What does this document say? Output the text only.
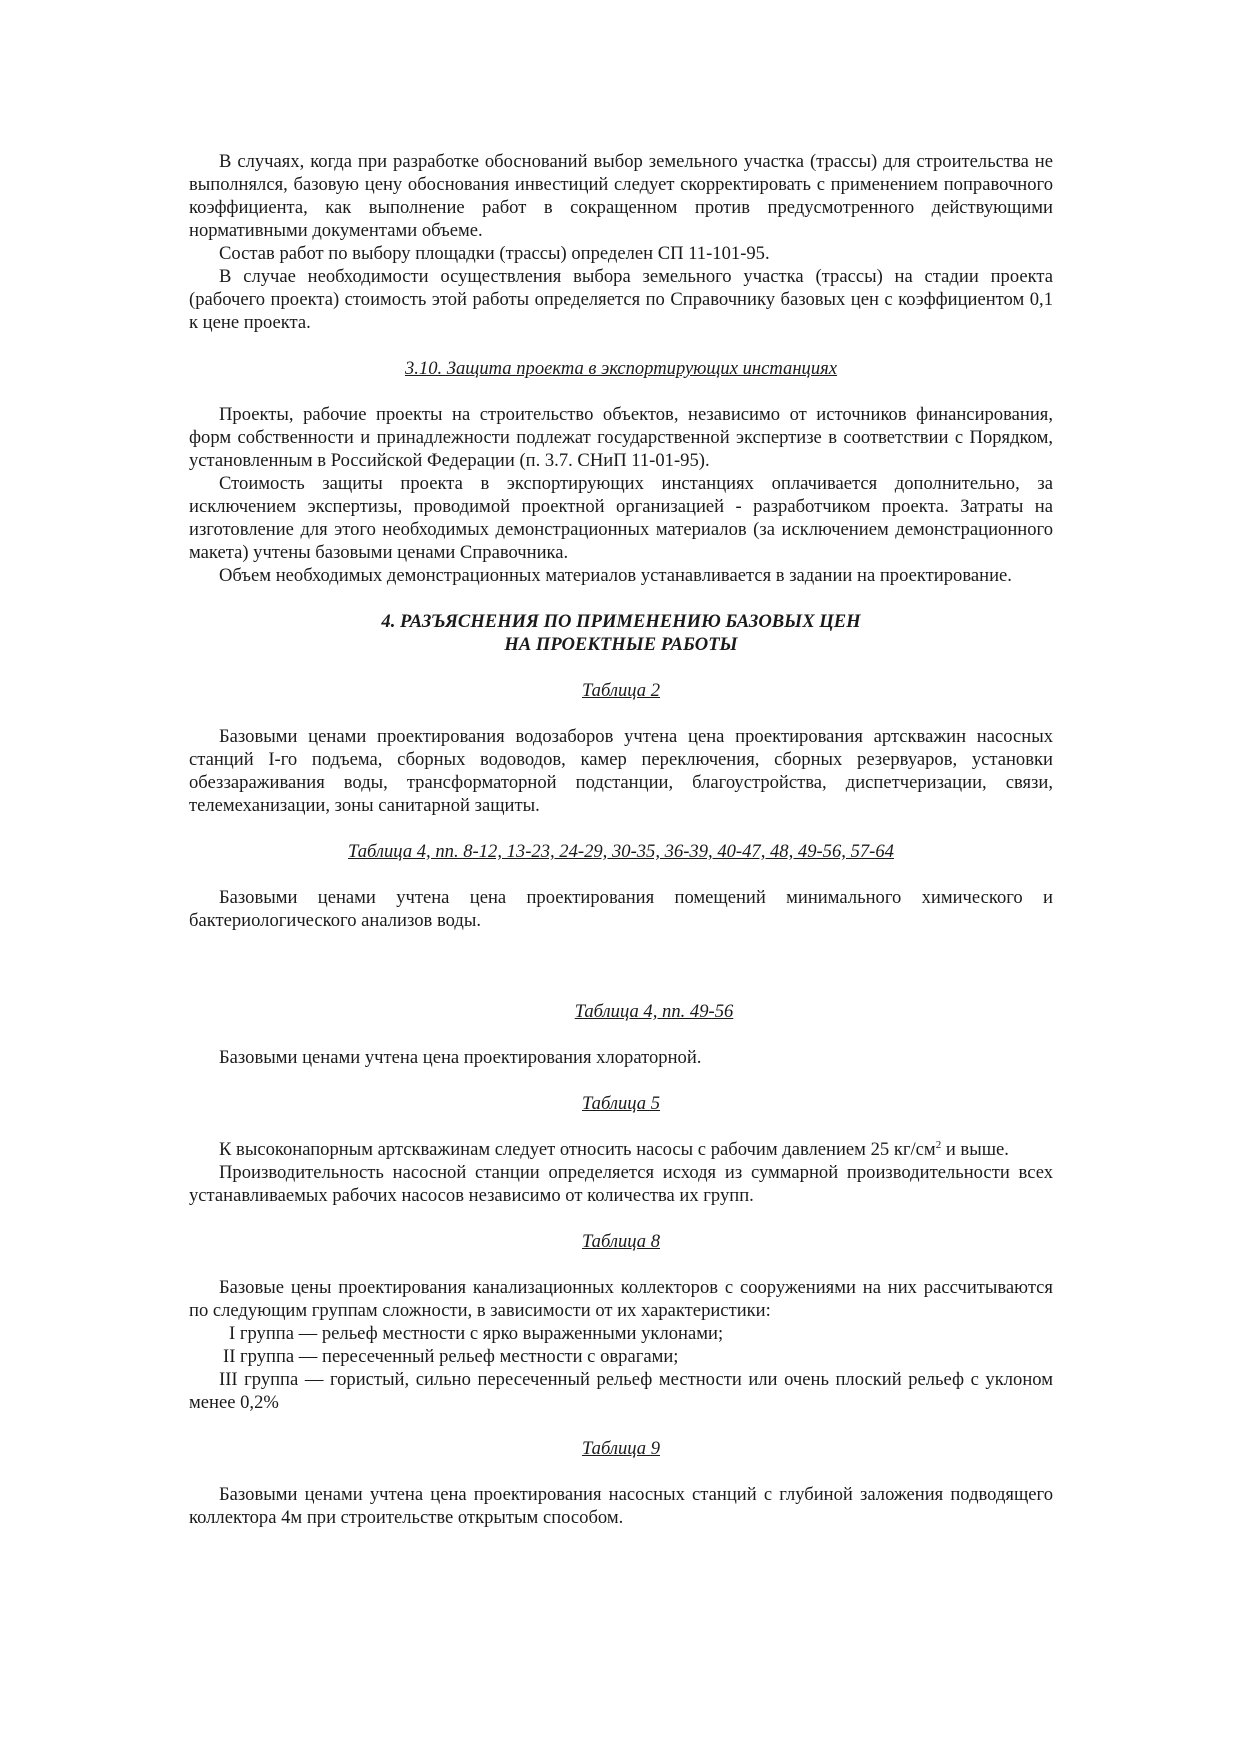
В случаях, когда при разработке обоснований выбор земельного участка (трассы) для строительства не выполнялся, базовую цену обоснования инвестиций следует скорректировать с применением поправочного коэффициента, как выполнение работ в сокращенном против предусмотренного действующими нормативными документами объеме.

Состав работ по выбору площадки (трассы) определен СП 11-101-95.

В случае необходимости осуществления выбора земельного участка (трассы) на стадии проекта (рабочего проекта) стоимость этой работы определяется по Справочнику базовых цен с коэффициентом 0,1 к цене проекта.

3.10. Защита проекта в экспортирующих инстанциях

Проекты, рабочие проекты на строительство объектов, независимо от источников финансирования, форм собственности и принадлежности подлежат государственной экспертизе в соответствии с Порядком, установленным в Российской Федерации (п. 3.7. СНиП 11-01-95).

Стоимость защиты проекта в экспортирующих инстанциях оплачивается дополнительно, за исключением экспертизы, проводимой проектной организацией - разработчиком проекта. Затраты на изготовление для этого необходимых демонстрационных материалов (за исключением демонстрационного макета) учтены базовыми ценами Справочника.

Объем необходимых демонстрационных материалов устанавливается в задании на проектирование.

4. РАЗЪЯСНЕНИЯ ПО ПРИМЕНЕНИЮ БАЗОВЫХ ЦЕН
НА ПРОЕКТНЫЕ РАБОТЫ

Таблица 2

Базовыми ценами проектирования водозаборов учтена цена проектирования артскважин насосных станций I-го подъема, сборных водоводов, камер переключения, сборных резервуаров, установки обеззараживания воды, трансформаторной подстанции, благоустройства, диспетчеризации, связи, телемеханизации, зоны санитарной защиты.

Таблица 4, пп. 8-12, 13-23, 24-29, 30-35, 36-39, 40-47, 48, 49-56, 57-64

Базовыми ценами учтена цена проектирования помещений минимального химического и бактериологического анализов воды.

Таблица 4, пп. 49-56

Базовыми ценами учтена цена проектирования хлораторной.

Таблица 5

К высоконапорным артскважинам следует относить насосы с рабочим давлением 25 $кг/см^2$ и выше.

Производительность насосной станции определяется исходя из суммарной производительности всех устанавливаемых рабочих насосов независимо от количества их групп.

Таблица 8

Базовые цены проектирования канализационных коллекторов с сооружениями на них рассчитываются по следующим группам сложности, в зависимости от их характеристики:

I группа — рельеф местности с ярко выраженными уклонами;

II группа — пересеченный рельеф местности с оврагами;

III группа — гористый, сильно пересеченный рельеф местности или очень плоский рельеф с уклоном менее 0,2%

Таблица 9

Базовыми ценами учтена цена проектирования насосных станций с глубиной заложения подводящего коллектора 4м при строительстве открытым способом.
